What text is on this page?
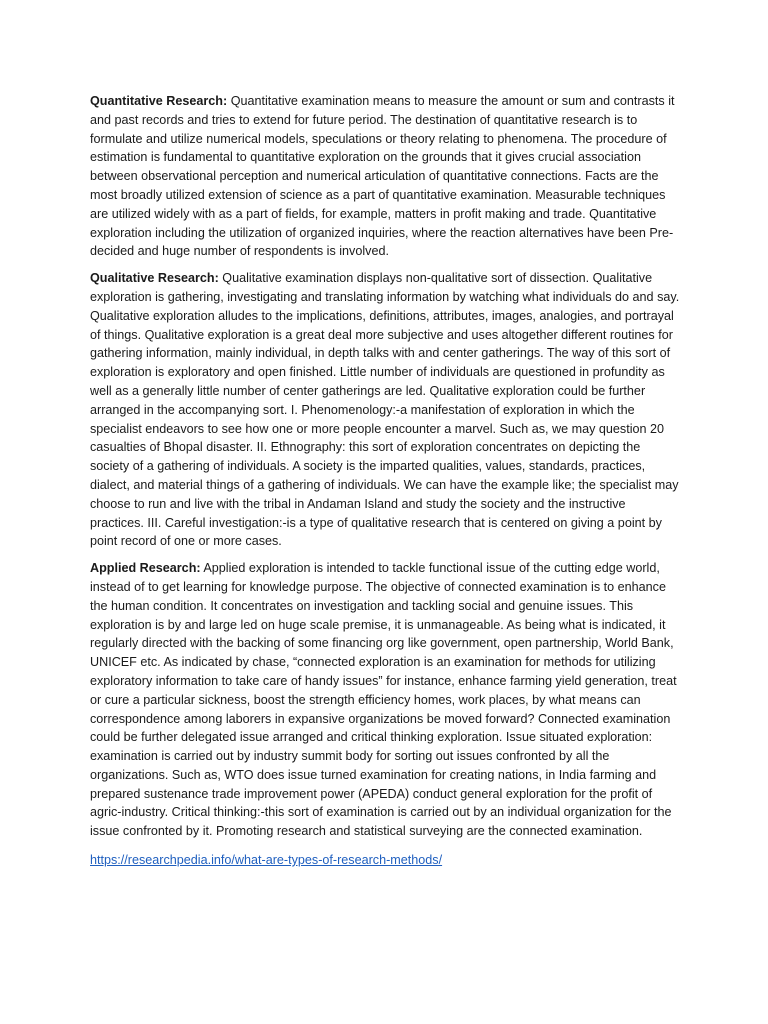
Quantitative Research: Quantitative examination means to measure the amount or sum and contrasts it and past records and tries to extend for future period. The destination of quantitative research is to formulate and utilize numerical models, speculations or theory relating to phenomena. The procedure of estimation is fundamental to quantitative exploration on the grounds that it gives crucial association between observational perception and numerical articulation of quantitative connections. Facts are the most broadly utilized extension of science as a part of quantitative examination. Measurable techniques are utilized widely with as a part of fields, for example, matters in profit making and trade. Quantitative exploration including the utilization of organized inquiries, where the reaction alternatives have been Pre-decided and huge number of respondents is involved.

Qualitative Research: Qualitative examination displays non-qualitative sort of dissection. Qualitative exploration is gathering, investigating and translating information by watching what individuals do and say. Qualitative exploration alludes to the implications, definitions, attributes, images, analogies, and portrayal of things. Qualitative exploration is a great deal more subjective and uses altogether different routines for gathering information, mainly individual, in depth talks with and center gatherings. The way of this sort of exploration is exploratory and open finished. Little number of individuals are questioned in profundity as well as a generally little number of center gatherings are led. Qualitative exploration could be further arranged in the accompanying sort. I. Phenomenology:-a manifestation of exploration in which the specialist endeavors to see how one or more people encounter a marvel. Such as, we may question 20 casualties of Bhopal disaster. II. Ethnography: this sort of exploration concentrates on depicting the society of a gathering of individuals. A society is the imparted qualities, values, standards, practices, dialect, and material things of a gathering of individuals. We can have the example like; the specialist may choose to run and live with the tribal in Andaman Island and study the society and the instructive practices. III. Careful investigation:-is a type of qualitative research that is centered on giving a point by point record of one or more cases.

Applied Research: Applied exploration is intended to tackle functional issue of the cutting edge world, instead of to get learning for knowledge purpose. The objective of connected examination is to enhance the human condition. It concentrates on investigation and tackling social and genuine issues. This exploration is by and large led on huge scale premise, it is unmanageable. As being what is indicated, it regularly directed with the backing of some financing org like government, open partnership, World Bank, UNICEF etc. As indicated by chase, “connected exploration is an examination for methods for utilizing exploratory information to take care of handy issues” for instance, enhance farming yield generation, treat or cure a particular sickness, boost the strength efficiency homes, work places, by what means can correspondence among laborers in expansive organizations be moved forward? Connected examination could be further delegated issue arranged and critical thinking exploration. Issue situated exploration: examination is carried out by industry summit body for sorting out issues confronted by all the organizations. Such as, WTO does issue turned examination for creating nations, in India farming and prepared sustenance trade improvement power (APEDA) conduct general exploration for the profit of agric-industry. Critical thinking:-this sort of examination is carried out by an individual organization for the issue confronted by it. Promoting research and statistical surveying are the connected examination.

https://researchpedia.info/what-are-types-of-research-methods/
